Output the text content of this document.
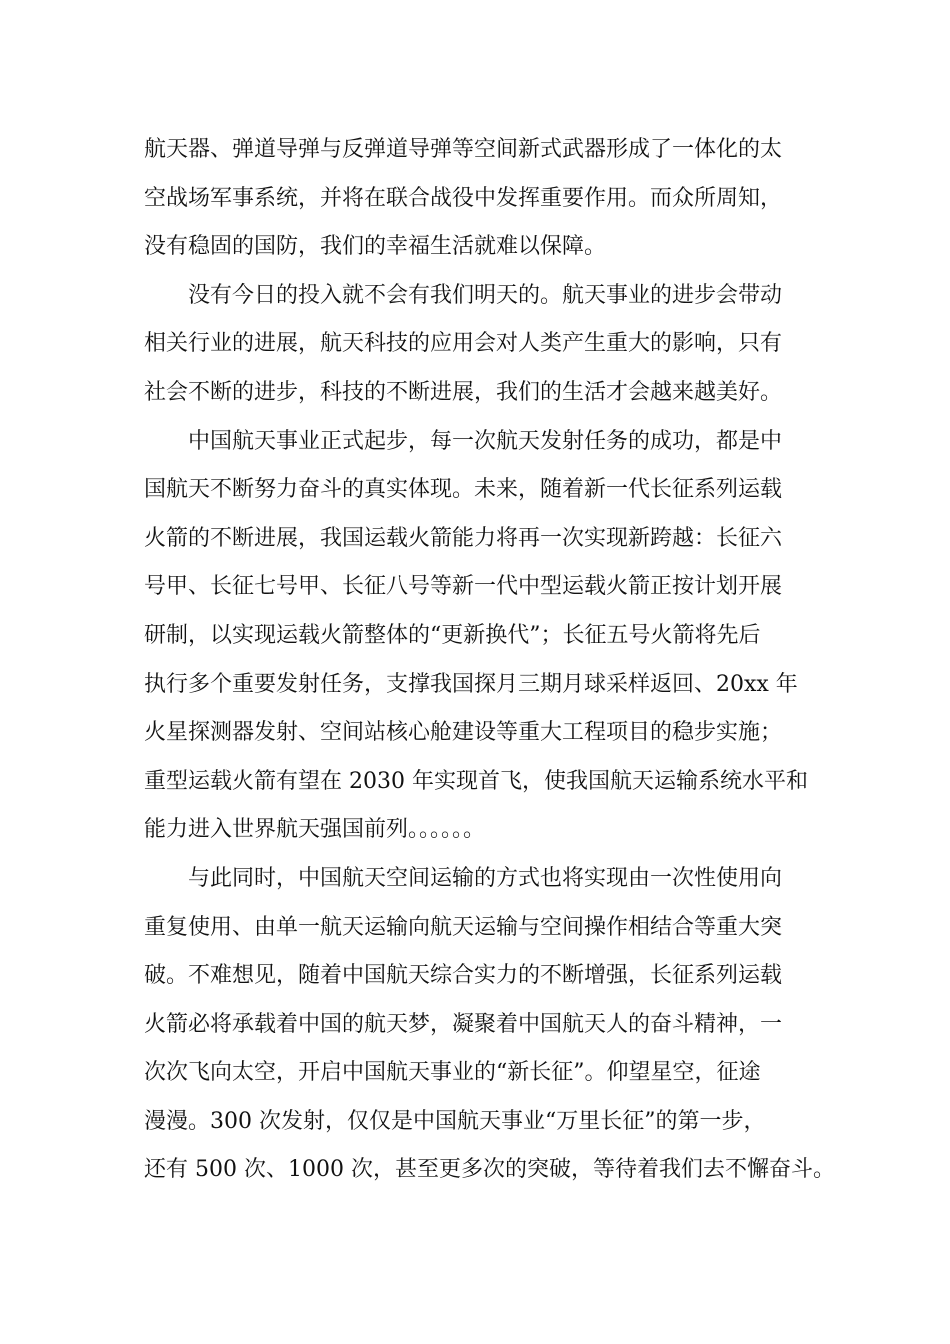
航天器、弹道导弹与反弹道导弹等空间新式武器形成了一体化的太
空战场军事系统，并将在联合战役中发挥重要作用。而众所周知，
没有稳固的国防，我们的幸福生活就难以保障。
没有今日的投入就不会有我们明天的。航天事业的进步会带动
相关行业的进展，航天科技的应用会对人类产生重大的影响，只有
社会不断的进步，科技的不断进展，我们的生活才会越来越美好。
中国航天事业正式起步，每一次航天发射任务的成功，都是中
国航天不断努力奋斗的真实体现。未来，随着新一代长征系列运载
火箭的不断进展，我国运载火箭能力将再一次实现新跨越：长征六
号甲、长征七号甲、长征八号等新一代中型运载火箭正按计划开展
研制，以实现运载火箭整体的“更新换代”；长征五号火箭将先后
执行多个重要发射任务，支撑我国探月三期月球采样返回、20xx 年
火星探测器发射、空间站核心舱建设等重大工程项目的稳步实施；
重型运载火箭有望在 2030 年实现首飞，使我国航天运输系统水平和
能力进入世界航天强国前列。。。。。。
与此同时，中国航天空间运输的方式也将实现由一次性使用向
重复使用、由单一航天运输向航天运输与空间操作相结合等重大突
破。不难想见，随着中国航天综合实力的不断增强，长征系列运载
火箭必将承载着中国的航天梦，凝聚着中国航天人的奋斗精神，一
次次飞向太空，开启中国航天事业的“新长征”。仰望星空，征途
漫漫。300 次发射，仅仅是中国航天事业“万里长征”的第一步，
还有 500 次、1000 次，甚至更多次的突破，等待着我们去不懈奋斗。
